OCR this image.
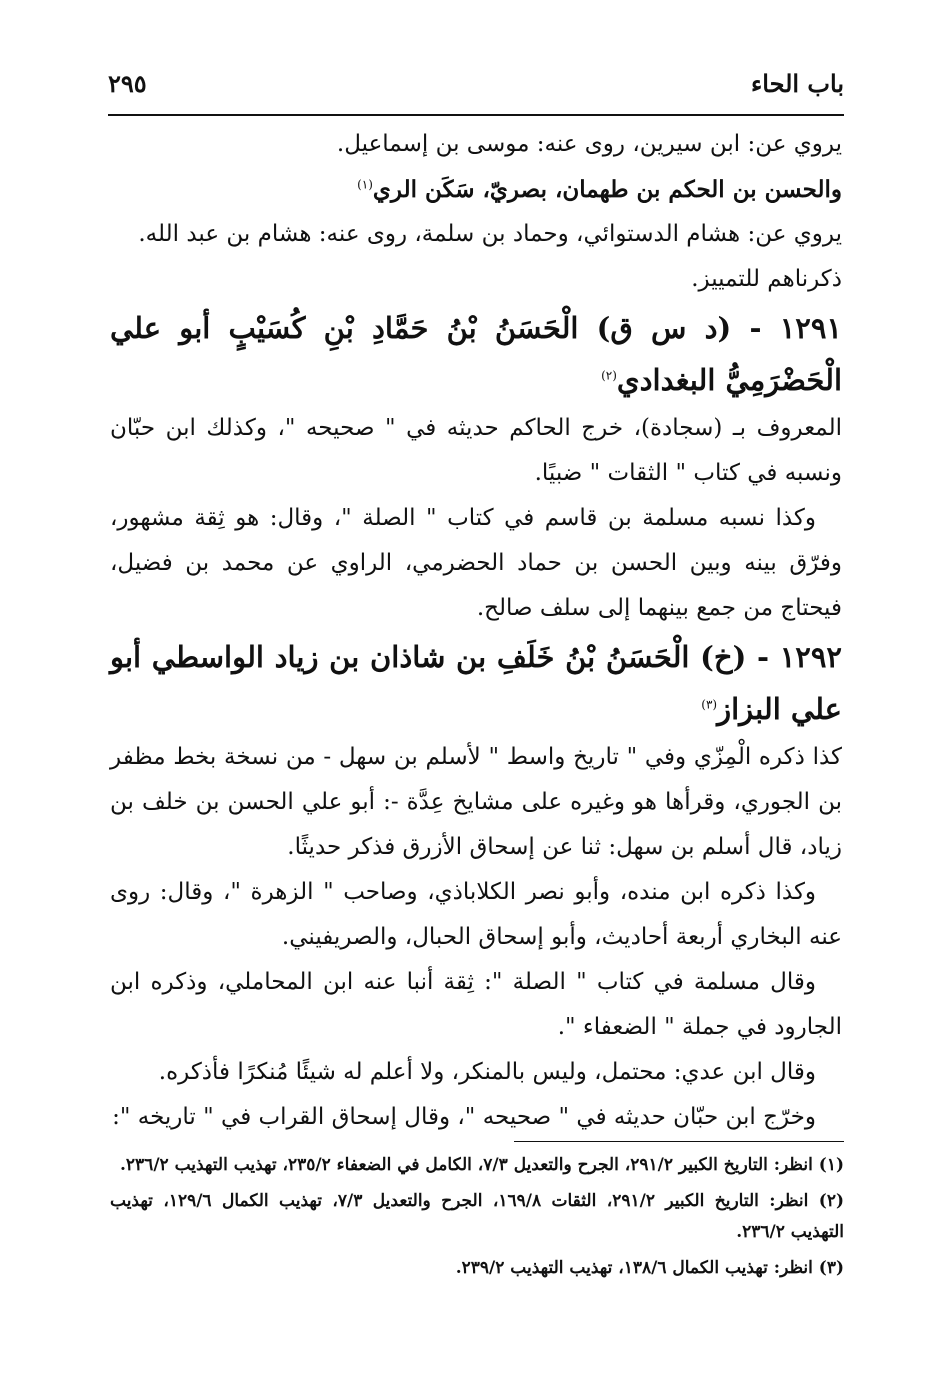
باب الحاء
٢٩٥

يروي عن: ابن سيرين، روى عنه: موسى بن إسماعيل.

والحسن بن الحكم بن طهمان، بصريّ، سَكَن الري$^{(١)}$

يروي عن: هشام الدستوائي، وحماد بن سلمة، روى عنه: هشام بن عبد الله.

ذكرناهم للتمييز.

١٢٩١ - (د س ق) الْحَسَنُ بْنُ حَمَّادِ بْنِ كُسَيْبٍ أبو علي الْحَضْرَمِيُّ البغدادي$^{(٢)}$

المعروف بـ (سجادة)، خرج الحاكم حديثه في " صحيحه "، وكذلك ابن حبّان ونسبه في كتاب " الثقات " ضبيًا.

وكذا نسبه مسلمة بن قاسم في كتاب " الصلة "، وقال: هو ثِقة مشهور، وفرّق بينه وبين الحسن بن حماد الحضرمي، الراوي عن محمد بن فضيل، فيحتاج من جمع بينهما إلى سلف صالح.

١٢٩٢ - (خ) الْحَسَنُ بْنُ خَلَفِ بن شاذان بن زياد الواسطي أبو علي البزاز$^{(٣)}$

كذا ذكره الْمِزّي وفي " تاريخ واسط " لأسلم بن سهل - من نسخة بخط مظفر بن الجوري، وقرأها هو وغيره على مشايخ عِدَّة -: أبو علي الحسن بن خلف بن زياد، قال أسلم بن سهل: ثنا عن إسحاق الأزرق فذكر حديثًا.

وكذا ذكره ابن منده، وأبو نصر الكلاباذي، وصاحب " الزهرة "، وقال: روى عنه البخاري أربعة أحاديث، وأبو إسحاق الحبال، والصريفيني.

وقال مسلمة في كتاب " الصلة ": ثِقة أنبا عنه ابن المحاملي، وذكره ابن الجارود في جملة " الضعفاء ".

وقال ابن عدي: محتمل، وليس بالمنكر، ولا أعلم له شيئًا مُنكرًا فأذكره.

وخرّج ابن حبّان حديثه في " صحيحه "، وقال إسحاق القراب في " تاريخه ":

(١) انظر: التاريخ الكبير ٢٩١/٢، الجرح والتعديل ٧/٣، الكامل في الضعفاء ٢٣٥/٢، تهذيب التهذيب ٢٣٦/٢.

(٢) انظر: التاريخ الكبير ٢٩١/٢، الثقات ١٦٩/٨، الجرح والتعديل ٧/٣، تهذيب الكمال ١٢٩/٦، تهذيب التهذيب ٢٣٦/٢.

(٣) انظر: تهذيب الكمال ١٣٨/٦، تهذيب التهذيب ٢٣٩/٢.
